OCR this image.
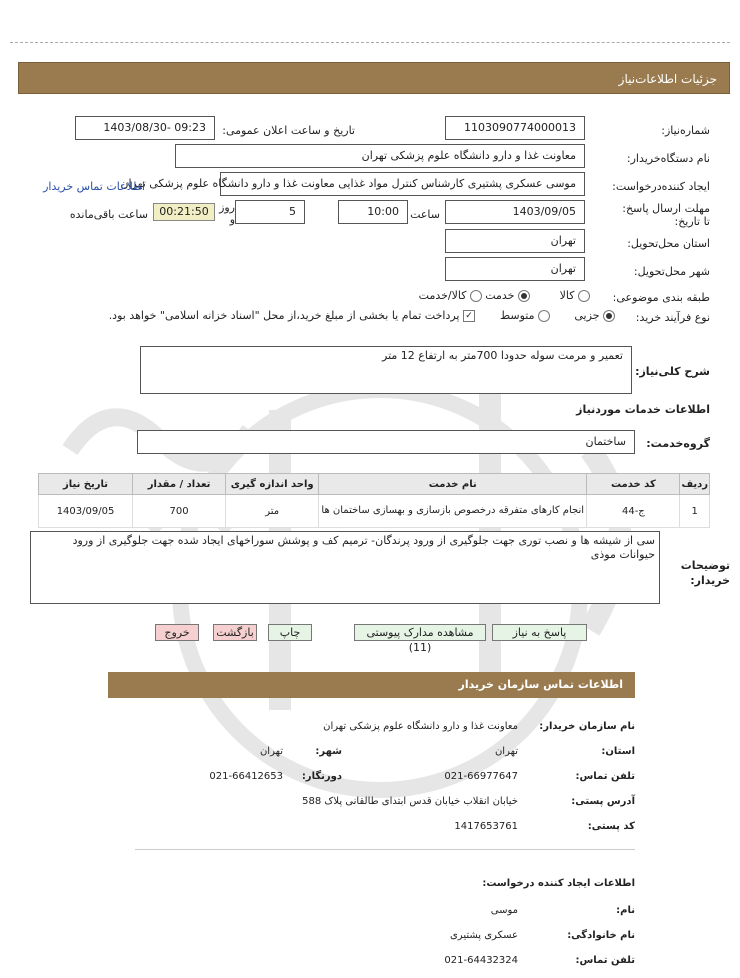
جزئیات اطلاعات‌نیاز
شماره‌نیاز:
1103090774000013
تاریخ و ساعت اعلان عمومی:
1403/08/30- 09:23
نام دستگاه‌خریدار:
معاونت غذا و دارو دانشگاه علوم پزشکی تهران
ایجاد کننده‌درخواست:
موسی عسکری پشتیری کارشناس کنترل مواد غذایی معاونت غذا و دارو دانشگاه علوم پزشکی تهران
اطلاعات تماس خریدار
مهلت ارسال پاسخ: تا تاریخ:
1403/09/05
ساعت
10:00
5
روز و
00:21:50
ساعت باقی‌مانده
استان محل‌تحویل:
تهران
شهر محل‌تحویل:
تهران
طبقه بندی موضوعی:
کالا
خدمت
کالا/خدمت
نوع فرآیند خرید:
جزیی
متوسط
✓ پرداخت تمام یا بخشی از مبلغ خرید،از محل "اسناد خزانه اسلامی" خواهد بود.
شرح کلی‌نیاز:
تعمیر و مرمت سوله حدودا 700متر به ارتفاع 12 متر
اطلاعات خدمات موردنیاز
گروه‌خدمت:
ساختمان
ردیف	کد خدمت	نام خدمت	واحد اندازه گیری	تعداد / مقدار	تاریخ نیاز
1	ج-44	انجام کارهای متفرقه درخصوص بازسازی و بهسازی ساختمان ها	متر	700	1403/09/05
توضیحات خریدار:
سی از شیشه ها و نصب توری جهت جلوگیری از ورود پرندگان- ترمیم کف و پوشش سوراخهای ایجاد شده جهت جلوگیری از ورود حیوانات موذی
پاسخ به نیاز
مشاهده مدارک پیوستی (11)
چاپ
بازگشت
خروج
اطلاعات تماس سازمان خریدار
نام سازمان خریدار:
معاونت غذا و دارو دانشگاه علوم پزشکی تهران
استان:
تهران
شهر:
تهران
تلفن تماس:
021-66977647
دورنگار:
021-66412653
آدرس پستی:
خیابان انقلاب خیابان قدس ابتدای طالقانی پلاک 588
کد پستی:
1417653761
اطلاعات ایجاد کننده درخواست:
نام:
موسی
نام خانوادگی:
عسکری پشتیری
تلفن تماس:
021-64432324
